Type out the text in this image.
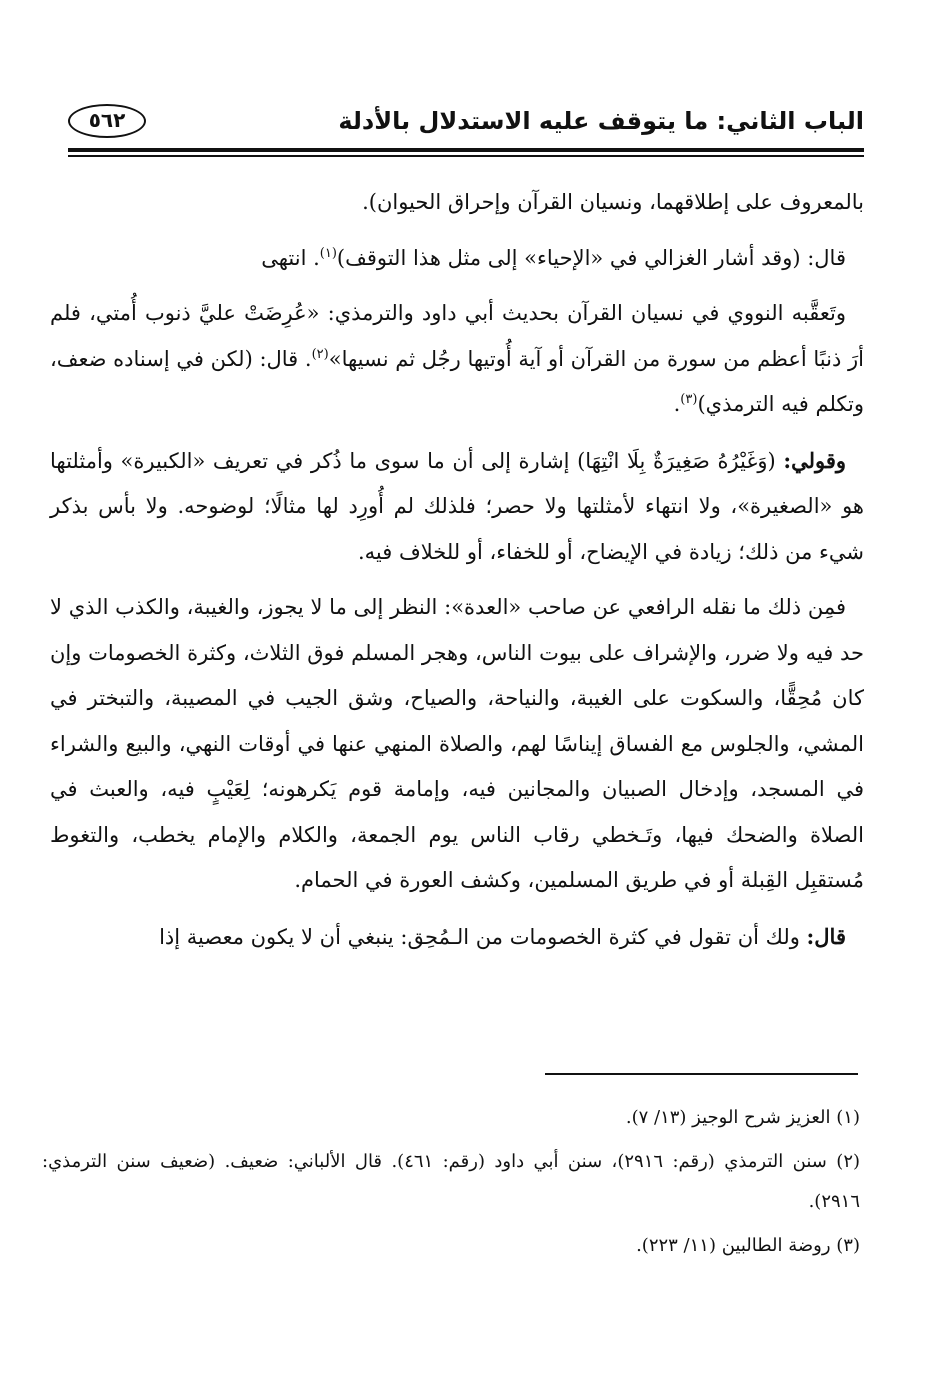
الباب الثاني: ما يتوقف عليه الاستدلال بالأدلة
٥٦٢

بالمعروف على إطلاقهما، ونسيان القرآن وإحراق الحيوان).

قال: (وقد أشار الغزالي في «الإحياء» إلى مثل هذا التوقف)$^{(١)}$. انتهى

وتَعقَّبه النووي في نسيان القرآن بحديث أبي داود والترمذي: «عُرِضَتْ عليَّ ذنوب أُمتي، فلم أرَ ذنبًا أعظم من سورة من القرآن أو آية أُوتيها رجُل ثم نسيها»$^{(٢)}$. قال: (لكن في إسناده ضعف، وتكلم فيه الترمذي)$^{(٣)}$.

وقولي: (وَغَيْرُهُ صَغِيرَةٌ بِلَا انْتِهَا) إشارة إلى أن ما سوى ما ذُكر في تعريف «الكبيرة» وأمثلتها هو «الصغيرة»، ولا انتهاء لأمثلتها ولا حصر؛ فلذلك لم أُورِد لها مثالًا؛ لوضوحه. ولا بأس بذكر شيء من ذلك؛ زيادة في الإيضاح، أو للخفاء، أو للخلاف فيه.

فمِن ذلك ما نقله الرافعي عن صاحب «العدة»: النظر إلى ما لا يجوز، والغيبة، والكذب الذي لا حد فيه ولا ضرر، والإشراف على بيوت الناس، وهجر المسلم فوق الثلاث، وكثرة الخصومات وإن كان مُحِقًّا، والسكوت على الغيبة، والنياحة، والصياح، وشق الجيب في المصيبة، والتبختر في المشي، والجلوس مع الفساق إيناسًا لهم، والصلاة المنهي عنها في أوقات النهي، والبيع والشراء في المسجد، وإدخال الصبيان والمجانين فيه، وإمامة قوم يَكرهونه؛ لِعَيْبٍ فيه، والعبث في الصلاة والضحك فيها، وتَـخطي رقاب الناس يوم الجمعة، والكلام والإمام يخطب، والتغوط مُستقبِل القِبلة أو في طريق المسلمين، وكشف العورة في الحمام.

قال: ولك أن تقول في كثرة الخصومات من الـمُحِق: ينبغي أن لا يكون معصية إذا

(١) العزيز شرح الوجيز (١٣/ ٧).

(٢) سنن الترمذي (رقم: ٢٩١٦)، سنن أبي داود (رقم: ٤٦١). قال الألباني: ضعيف. (ضعيف سنن الترمذي: ٢٩١٦).

(٣) روضة الطالبين (١١/ ٢٢٣).
